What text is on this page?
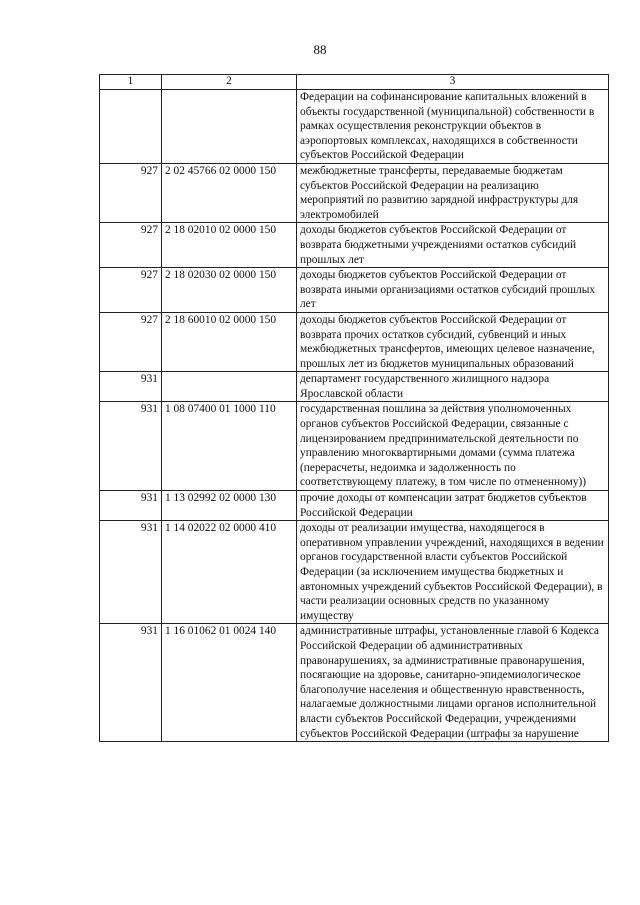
88
1	2	3
		Федерации на софинансирование капитальных вложений в объекты государственной (муниципальной) собственности в рамках осуществления реконструкции объектов в аэропортовых комплексах, находящихся в собственности субъектов Российской Федерации
927	2 02 45766 02 0000 150	межбюджетные трансферты, передаваемые бюджетам субъектов Российской Федерации на реализацию мероприятий по развитию зарядной инфраструктуры для электромобилей
927	2 18 02010 02 0000 150	доходы бюджетов субъектов Российской Федерации от возврата бюджетными учреждениями остатков субсидий прошлых лет
927	2 18 02030 02 0000 150	доходы бюджетов субъектов Российской Федерации от возврата иными организациями остатков субсидий прошлых лет
927	2 18 60010 02 0000 150	доходы бюджетов субъектов Российской Федерации от возврата прочих остатков субсидий, субвенций и иных межбюджетных трансфертов, имеющих целевое назначение, прошлых лет из бюджетов муниципальных образований
931		департамент государственного жилищного надзора Ярославской области
931	1 08 07400 01 1000 110	государственная пошлина за действия уполномоченных органов субъектов Российской Федерации, связанные с лицензированием предпринимательской деятельности по управлению многоквартирными домами (сумма платежа (перерасчеты, недоимка и задолженность по соответствующему платежу, в том числе по отмененному))
931	1 13 02992 02 0000 130	прочие доходы от компенсации затрат бюджетов субъектов Российской Федерации
931	1 14 02022 02 0000 410	доходы от реализации имущества, находящегося в оперативном управлении учреждений, находящихся в ведении органов государственной власти субъектов Российской Федерации (за исключением имущества бюджетных и автономных учреждений субъектов Российской Федерации), в части реализации основных средств по указанному имуществу
931	1 16 01062 01 0024 140	административные штрафы, установленные главой 6 Кодекса Российской Федерации об административных правонарушениях, за административные правонарушения, посягающие на здоровье, санитарно-эпидемиологическое благополучие населения и общественную нравственность, налагаемые должностными лицами органов исполнительной власти субъектов Российской Федерации, учреждениями субъектов Российской Федерации (штрафы за нарушение
